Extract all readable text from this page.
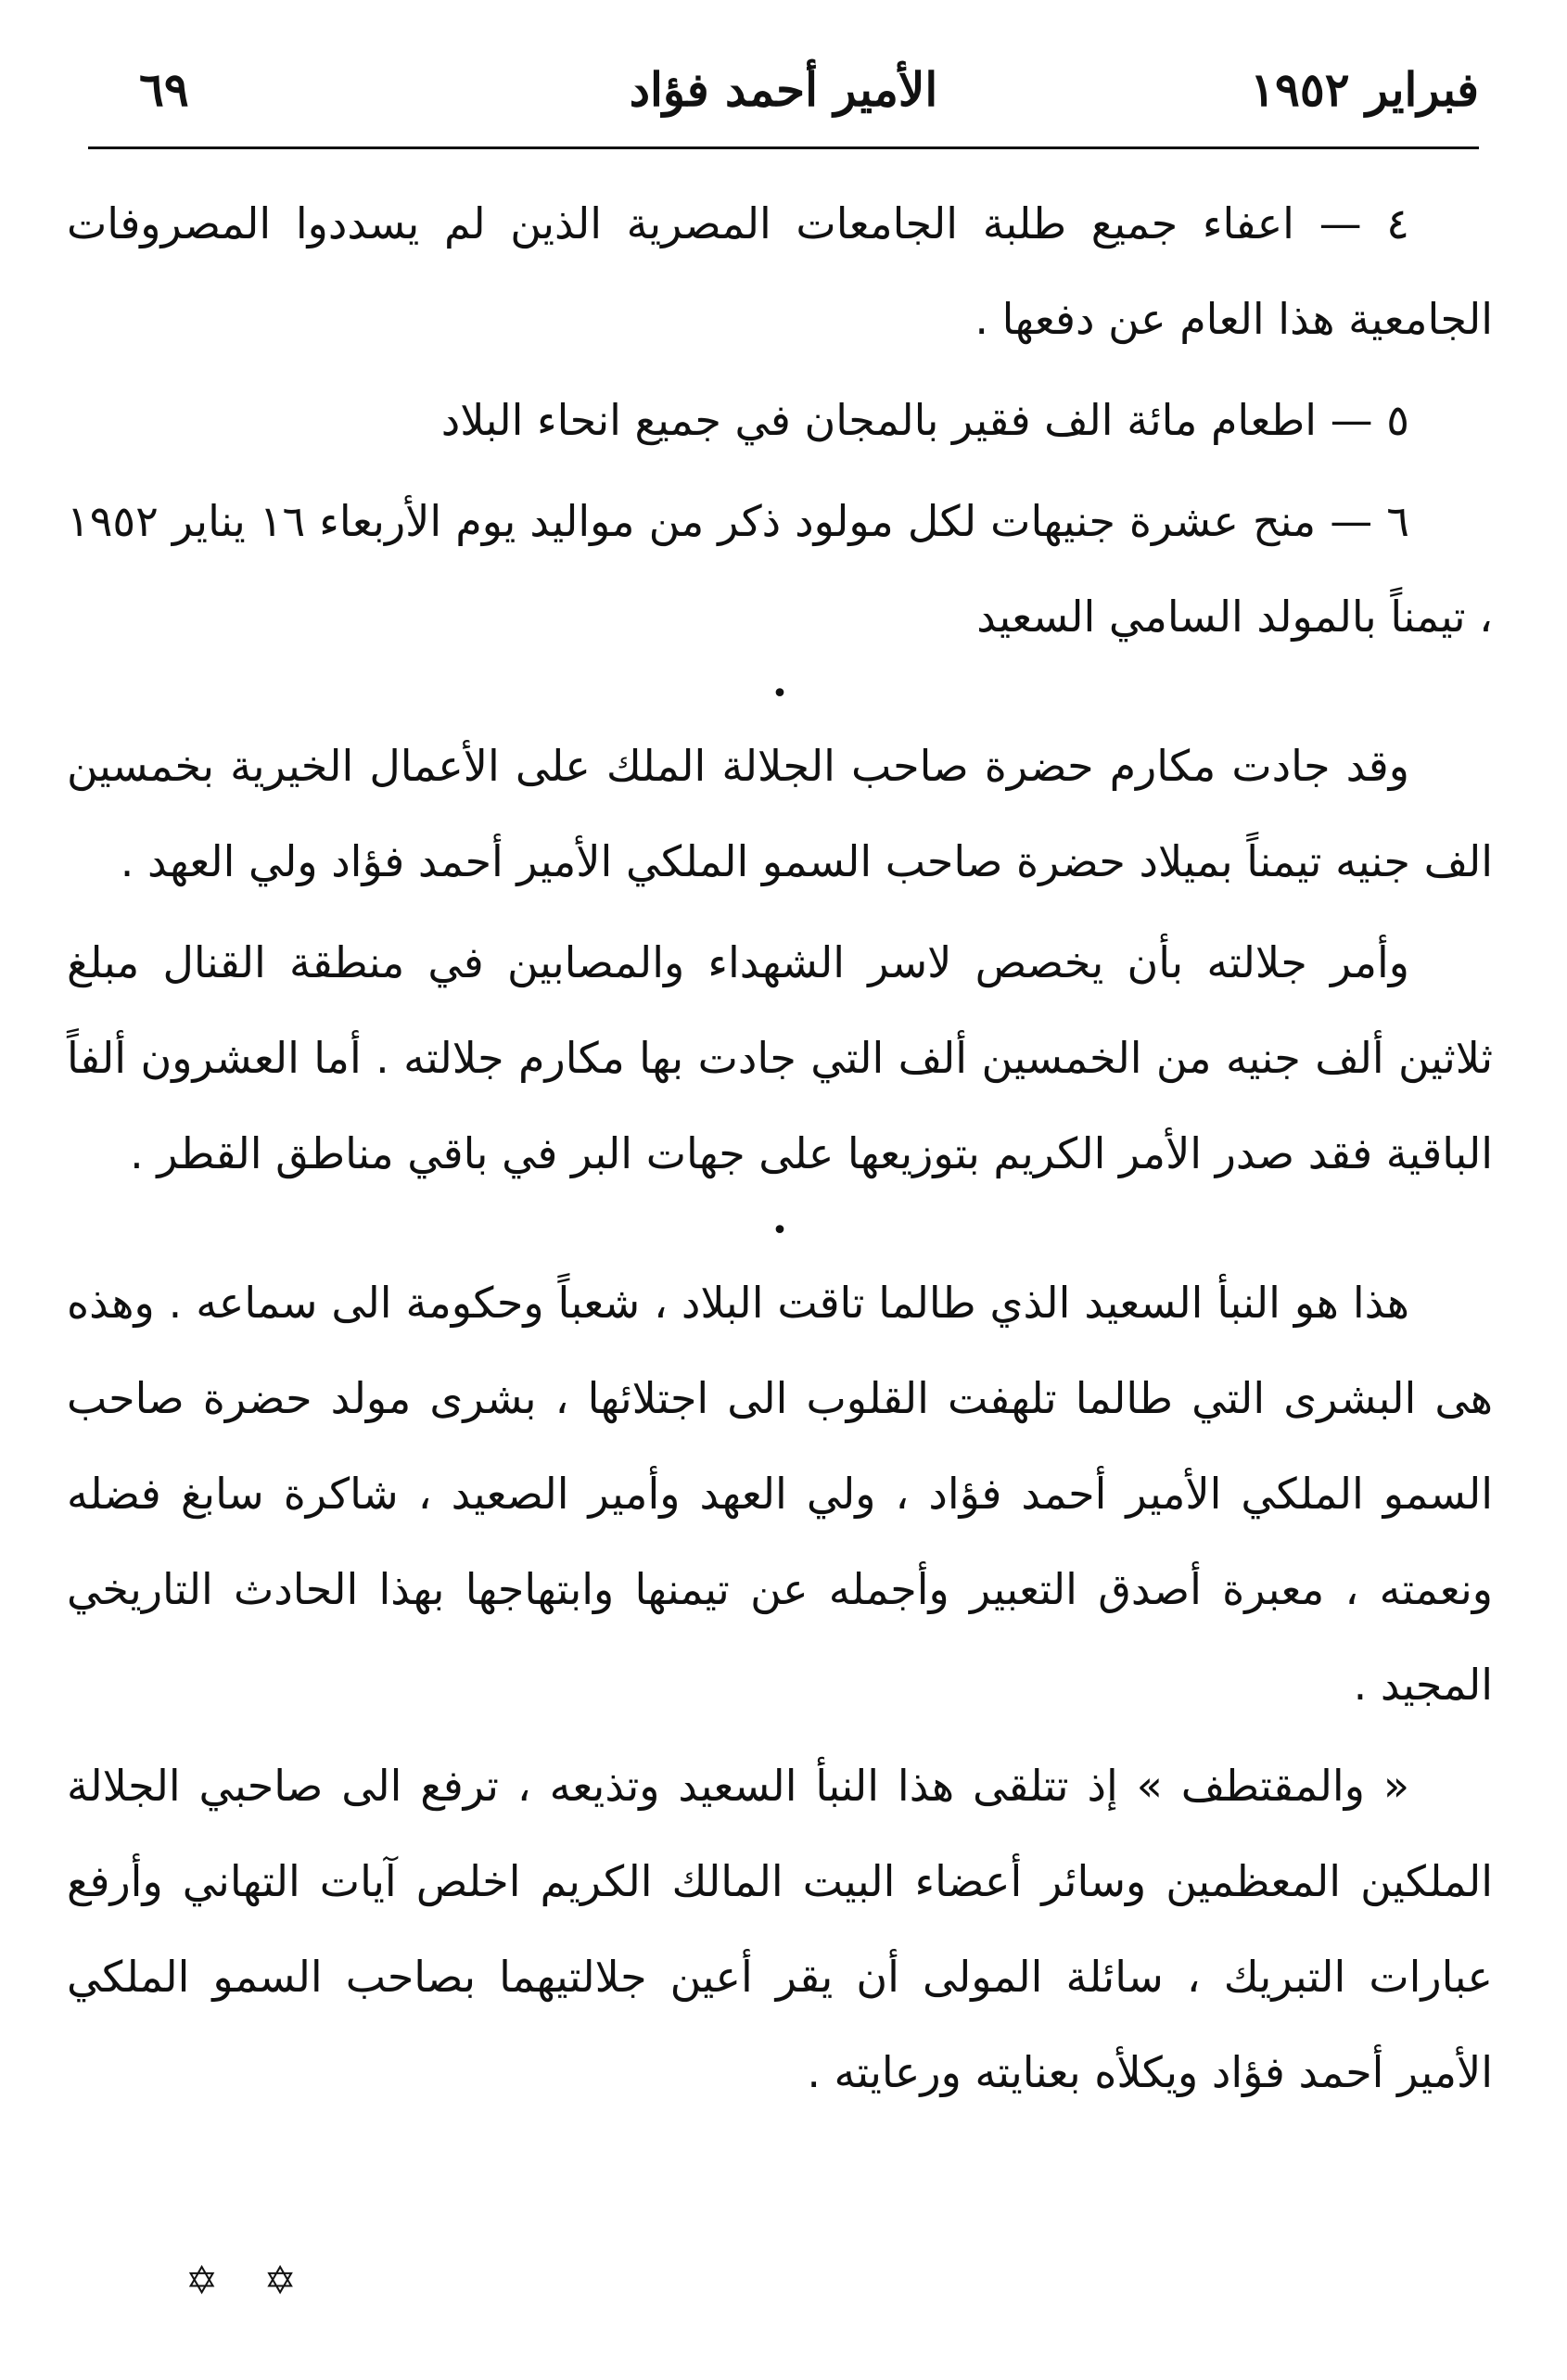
فبراير ١٩٥٢
الأمير أحمد فؤاد
٦٩

٤ — اعفاء جميع طلبة الجامعات المصرية الذين لم يسددوا المصروفات الجامعية هذا العام عن دفعها .

٥ — اطعام مائة الف فقير بالمجان في جميع انحاء البلاد

٦ — منح عشرة جنيهات لكل مولود ذكر من مواليد يوم الأربعاء ١٦ يناير ١٩٥٢ ، تيمناً بالمولد السامي السعيد

•

وقد جادت مكارم حضرة صاحب الجلالة الملك على الأعمال الخيرية بخمسين الف جنيه تيمناً بميلاد حضرة صاحب السمو الملكي الأمير أحمد فؤاد ولي العهد .

وأمر جلالته بأن يخصص لاسر الشهداء والمصابين في منطقة القنال مبلغ ثلاثين ألف جنيه من الخمسين ألف التي جادت بها مكارم جلالته . أما العشرون ألفاً الباقية فقد صدر الأمر الكريم بتوزيعها على جهات البر في باقي مناطق القطر .

•

هذا هو النبأ السعيد الذي طالما تاقت البلاد ، شعباً وحكومة الى سماعه . وهذه هى البشرى التي طالما تلهفت القلوب الى اجتلائها ، بشرى مولد حضرة صاحب السمو الملكي الأمير أحمد فؤاد ، ولي العهد وأمير الصعيد ، شاكرة سابغ فضله ونعمته ، معبرة أصدق التعبير وأجمله عن تيمنها وابتهاجها بهذا الحادث التاريخي المجيد .

« والمقتطف » إذ تتلقى هذا النبأ السعيد وتذيعه ، ترفع الى صاحبي الجلالة الملكين المعظمين وسائر أعضاء البيت المالك الكريم اخلص آيات التهاني وأرفع عبارات التبريك ، سائلة المولى أن يقر أعين جلالتيهما بصاحب السمو الملكي الأمير أحمد فؤاد ويكلأه بعنايته ورعايته .

✡ ✡
